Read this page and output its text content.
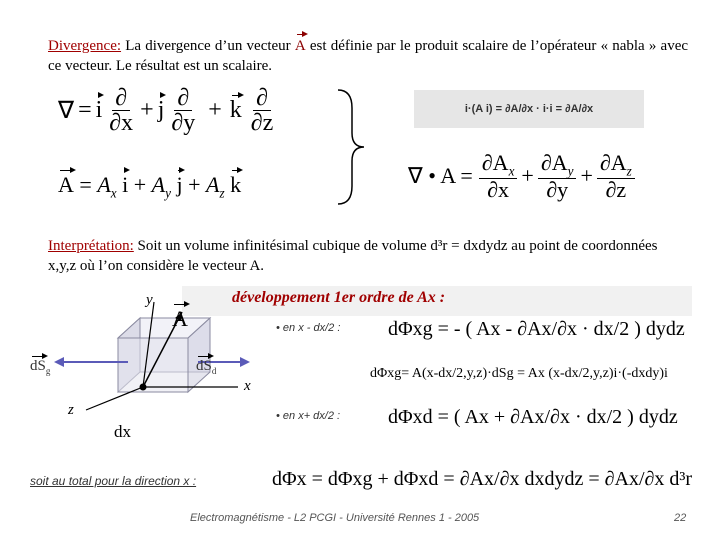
Divergence: La divergence d’un vecteur A est définie par le produit scalaire de l’opérateur « nabla » avec ce vecteur. Le résultat est un scalaire.
∇ = i $\frac{\partial}{\partial x} + j \frac{\partial}{\partial y} + k \frac{\partial}{\partial z}$
$A = A_x$ $i + A_y$ $j + A_z$ k
i·(A i) = ∂A/∂x · i·i = ∂A/∂x
∇ • $A = \frac{\partial A_x}{\partial x} + \frac{\partial A_y}{\partial y} + \frac{\partial A_z}{\partial z}$
Interprétation: Soit un volume infinitésimal cubique de volume d³r = dxdydz au point de coordonnées x,y,z où l’on considère le vecteur A.
développement 1er ordre de Ax :
y
A
$dS_g$	$dS_d$
x
z
dx
• en x - dx/2 : dΦxg = - ( Ax - ∂Ax/∂x · dx/2 ) dydz
dΦxg= A(x-dx/2,y,z)·dSg = Ax (x-dx/2,y,z)i·(-dxdy)i
• en x+ dx/2 : dΦxd = ( Ax + ∂Ax/∂x · dx/2 ) dydz
soit au total pour la direction x :	dΦx = dΦxg + dΦxd = ∂Ax/∂x dxdydz = ∂Ax/∂x d³r
Electromagnétisme - L2 PCGI - Université Rennes 1 - 2005	22
